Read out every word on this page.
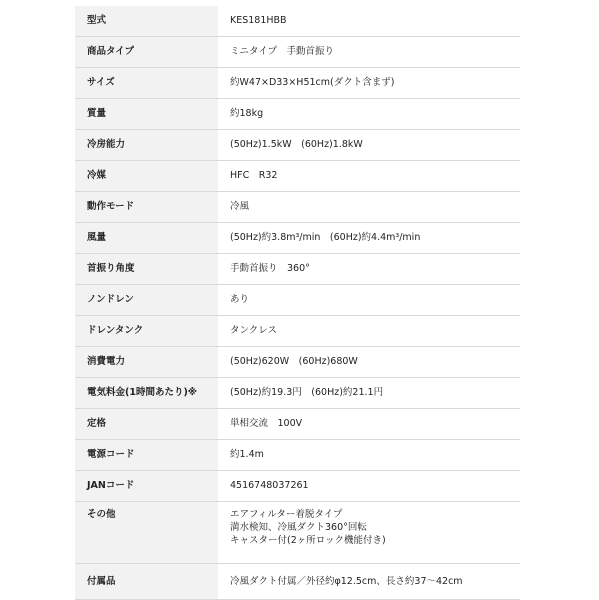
型式	KES181HBB

商品タイプ	ミニタイプ　手動首振り

サイズ	約W47×D33×H51cm(ダクト含まず)

質量	約18kg

冷房能力	(50Hz)1.5kW　(60Hz)1.8kW

冷媒	HFC　R32

動作モード	冷風

風量	(50Hz)約3.8m³/min　(60Hz)約4.4m³/min

首振り角度	手動首振り　360°

ノンドレン	あり

ドレンタンク	タンクレス

消費電力	(50Hz)620W　(60Hz)680W

電気料金(1時間あたり)※	(50Hz)約19.3円　(60Hz)約21.1円

定格	単相交流　100V

電源コード	約1.4m

JANコード	4516748037261

その他	エアフィルター着脱タイプ
満水検知、冷風ダクト360°回転
キャスター付(2ヶ所ロック機能付き)

付属品	冷風ダクト付属／外径約φ12.5cm、長さ約37～42cm
